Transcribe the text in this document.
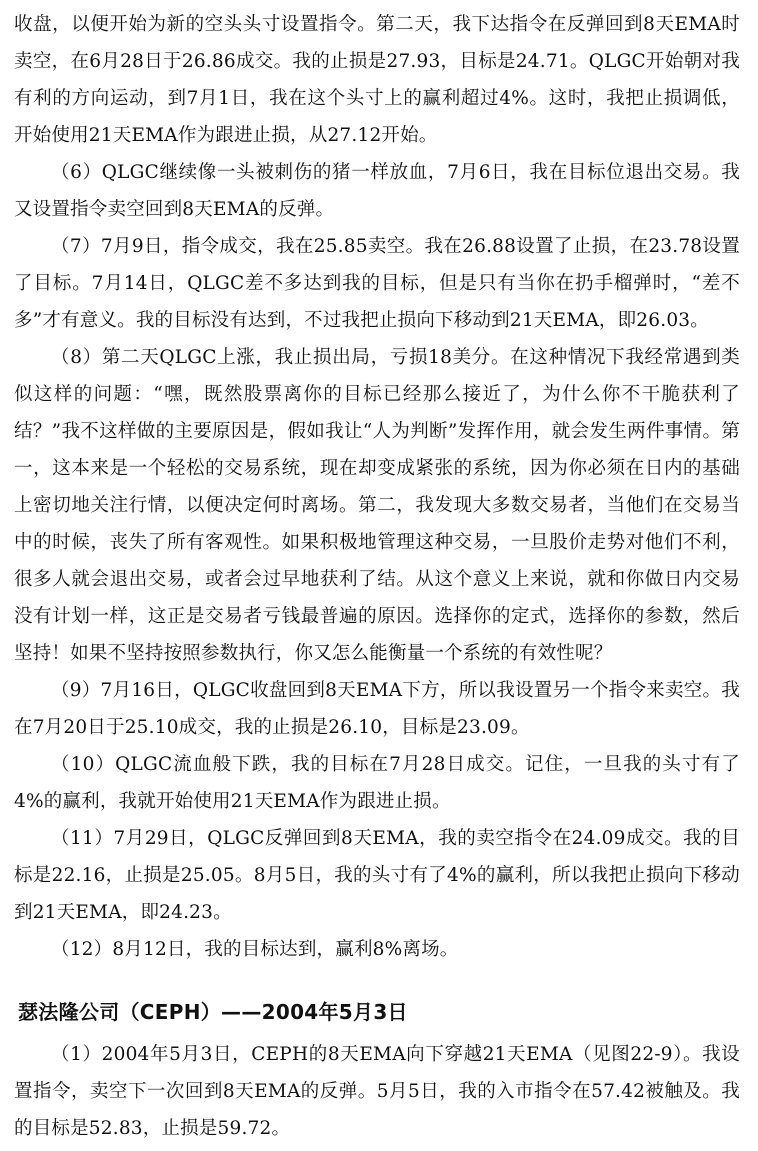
收盘，以便开始为新的空头头寸设置指令。第二天，我下达指令在反弹回到8天EMA时卖空，在6月28日于26.86成交。我的止损是27.93，目标是24.71。QLGC开始朝对我有利的方向运动，到7月1日，我在这个头寸上的赢利超过4%。这时，我把止损调低，开始使用21天EMA作为跟进止损，从27.12开始。

（6）QLGC继续像一头被刺伤的猪一样放血，7月6日，我在目标位退出交易。我又设置指令卖空回到8天EMA的反弹。

（7）7月9日，指令成交，我在25.85卖空。我在26.88设置了止损，在23.78设置了目标。7月14日，QLGC差不多达到我的目标，但是只有当你在扔手榴弹时，“差不多”才有意义。我的目标没有达到，不过我把止损向下移动到21天EMA，即26.03。

（8）第二天QLGC上涨，我止损出局，亏损18美分。在这种情况下我经常遇到类似这样的问题：“嘿，既然股票离你的目标已经那么接近了，为什么你不干脆获利了结？”我不这样做的主要原因是，假如我让“人为判断”发挥作用，就会发生两件事情。第一，这本来是一个轻松的交易系统，现在却变成紧张的系统，因为你必须在日内的基础上密切地关注行情，以便决定何时离场。第二，我发现大多数交易者，当他们在交易当中的时候，丧失了所有客观性。如果积极地管理这种交易，一旦股价走势对他们不利，很多人就会退出交易，或者会过早地获利了结。从这个意义上来说，就和你做日内交易没有计划一样，这正是交易者亏钱最普遍的原因。选择你的定式，选择你的参数，然后坚持！如果不坚持按照参数执行，你又怎么能衡量一个系统的有效性呢？

（9）7月16日，QLGC收盘回到8天EMA下方，所以我设置另一个指令来卖空。我在7月20日于25.10成交，我的止损是26.10，目标是23.09。

（10）QLGC流血般下跌，我的目标在7月28日成交。记住，一旦我的头寸有了4%的赢利，我就开始使用21天EMA作为跟进止损。

（11）7月29日，QLGC反弹回到8天EMA，我的卖空指令在24.09成交。我的目标是22.16，止损是25.05。8月5日，我的头寸有了4%的赢利，所以我把止损向下移动到21天EMA，即24.23。

（12）8月12日，我的目标达到，赢利8%离场。

瑟法隆公司（CEPH）——2004年5月3日

（1）2004年5月3日，CEPH的8天EMA向下穿越21天EMA（见图22-9）。我设置指令，卖空下一次回到8天EMA的反弹。5月5日，我的入市指令在57.42被触及。我的目标是52.83，止损是59.72。
